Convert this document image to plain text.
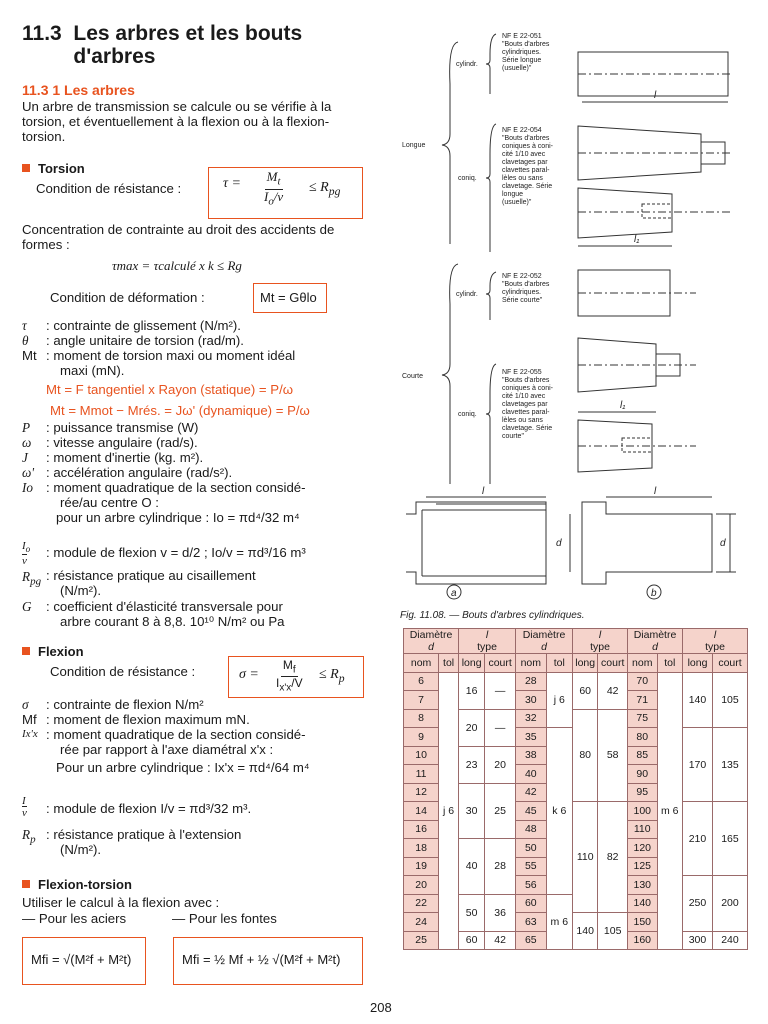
11.3 Les arbres et les bouts d'arbres
11.3 1 Les arbres
Un arbre de transmission se calcule ou se vérifie à la torsion, et éventuellement à la flexion ou à la flexion-torsion.
Torsion
Condition de résistance :	$\tau = \frac{M_t}{I_o/v} \le R_{pg}$
Concentration de contrainte au droit des accidents de formes :
τmax = τcalculé x k ≤ Rg
Condition de déformation :	Mt = Gθlo
τ : contrainte de glissement (N/m²).
θ : angle unitaire de torsion (rad/m).
Mt : moment de torsion maxi ou moment idéal
maxi (mN).
Mt = F tangentiel x Rayon (statique) = P/ω
Mt = Mmot − Mrés. = Jω' (dynamique) = P/ω
P : puissance transmise (W)
ω : vitesse angulaire (rad/s).
J : moment d'inertie (kg. m²).
ω' : accélération angulaire (rad/s²).
Io : moment quadratique de la section considé-
rée/au centre O :
pour un arbre cylindrique : Io = πd⁴/32 m⁴
$I_o$
v
: module de flexion v = d/2 ; Io/v = πd³/16 m³
$R_{pg}$ : résistance pratique au cisaillement
(N/m²).
G : coefficient d'élasticité transversale pour
arbre courant 8 à 8,8. 10¹⁰ N/m² ou Pa
Flexion
Condition de résistance :	$\sigma = \frac{M_f}{I_{x'x}/V} \le R_p$
σ : contrainte de flexion N/m²
Mf : moment de flexion maximum mN.
Ix'x : moment quadratique de la section considé-
rée par rapport à l'axe diamétral x'x :
Pour un arbre cylindrique : Ix'x = πd⁴/64 m⁴
I
v : module de flexion I/v = πd³/32 m³.
$R_p$ : résistance pratique à l'extension
(N/m²).
Flexion-torsion
Utiliser le calcul à la flexion avec :
— Pour les aciers	— Pour les fontes
Mfi = √(M²f + M²t)	Mfi = ½ Mf + ½ √(M²f + M²t)
Longue
Courte
cylindr.
coniq.
cylindr.
coniq.
NF E 22-051
"Bouts d'arbres
cylindriques.
Série longue
(usuelle)"
NF E 22-054
"Bouts d'arbres
coniques à coni-
cité 1/10 avec
clavetages par
clavettes paral-
lèles ou sans
clavetage. Série
longue
(usuelle)"
NF E 22-052
"Bouts d'arbres
cylindriques.
Série courte"
NF E 22-055
"Bouts d'arbres
coniques à coni-
cité 1/10 avec
clavetages par
clavettes paral-
lèles ou sans
clavetage. Série
courte"
l
l₁
l₁
l	l
d	d
a	b
Fig. 11.08. — Bouts d'arbres cylindriques.
Diamètre
d		l
type		Diamètre
d		l
type		Diamètre
d		l
type	
nom	tol	long	court	nom	tol	long	court	nom	tol	long	court
6	j 6	16	—	28	j 6	60	42	70	m 6	140	105
7				30				71			
8		20	—	32		80	58	75			
9				35	k 6			80		170	135
10		23	20	38				85			
11				40				90			
12		30	25	42				95			
14				45		110	82	100		210	165
16				48				110			
18		40	28	50				120			
19				55				125			
20				56				130		250	200
22		50	36	60	m 6			140			
24				63		140	105	150			
25		60	42	65				160		300	240
208
